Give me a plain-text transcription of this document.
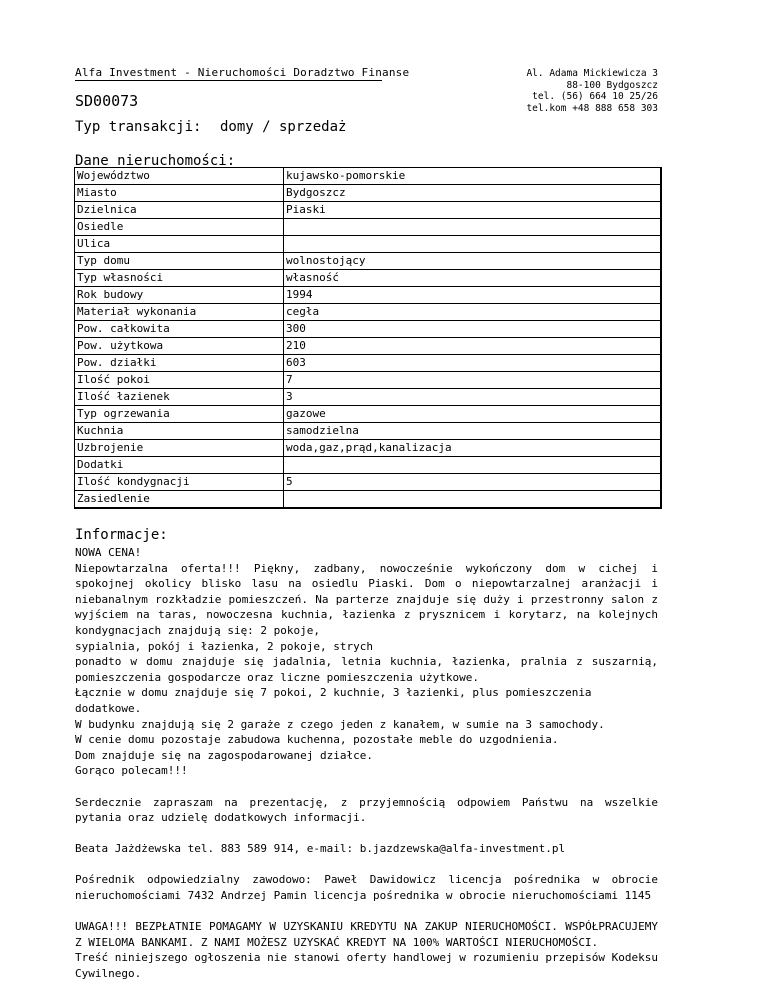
Alfa Investment - Nieruchomości Doradztwo Finanse	Al. Adama Mickiewicza 3
88-100 Bydgoszcz
tel. (56) 664 10 25/26
tel.kom +48 888 658 303
SD00073
Typ transakcji: domy / sprzedaż
Dane nieruchomości:
Województwo	kujawsko-pomorskie
Miasto	Bydgoszcz
Dzielnica	Piaski
Osiedle	
Ulica	
Typ domu	wolnostojący
Typ własności	własność
Rok budowy	1994
Materiał wykonania	cegła
Pow. całkowita	300
Pow. użytkowa	210
Pow. działki	603
Ilość pokoi	7
Ilość łazienek	3
Typ ogrzewania	gazowe
Kuchnia	samodzielna
Uzbrojenie	woda,gaz,prąd,kanalizacja
Dodatki	
Ilość kondygnacji	5
Zasiedlenie	
Informacje:

NOWA CENA!

Niepowtarzalna oferta!!! Piękny, zadbany, nowocześnie wykończony dom w cichej i spokojnej okolicy blisko lasu na osiedlu Piaski. Dom o niepowtarzalnej aranżacji i niebanalnym rozkładzie pomieszczeń. Na parterze znajduje się duży i przestronny salon z wyjściem na taras, nowoczesna kuchnia, łazienka z prysznicem i korytarz, na kolejnych kondygnacjach znajdują się: 2 pokoje,

sypialnia, pokój i łazienka, 2 pokoje, strych

ponadto w domu znajduje się jadalnia, letnia kuchnia, łazienka, pralnia z suszarnią, pomieszczenia gospodarcze oraz liczne pomieszczenia użytkowe.

Łącznie w domu znajduje się 7 pokoi, 2 kuchnie, 3 łazienki, plus pomieszczenia dodatkowe.

W budynku znajdują się 2 garaże z czego jeden z kanałem, w sumie na 3 samochody.

W cenie domu pozostaje zabudowa kuchenna, pozostałe meble do uzgodnienia.

Dom znajduje się na zagospodarowanej działce.

Gorąco polecam!!!

Serdecznie zapraszam na prezentację, z przyjemnością odpowiem Państwu na wszelkie pytania oraz udzielę dodatkowych informacji.

Beata Jażdżewska tel. 883 589 914, e-mail: b.jazdzewska@alfa-investment.pl

Pośrednik odpowiedzialny zawodowo: Paweł Dawidowicz licencja pośrednika w obrocie nieruchomościami 7432 Andrzej Pamin licencja pośrednika w obrocie nieruchomościami 1145

UWAGA!!! BEZPŁATNIE POMAGAMY W UZYSKANIU KREDYTU NA ZAKUP NIERUCHOMOŚCI. WSPÓŁPRACUJEMY Z WIELOMA BANKAMI. Z NAMI MOŻESZ UZYSKAĆ KREDYT NA 100% WARTOŚCI NIERUCHOMOŚCI.

Treść niniejszego ogłoszenia nie stanowi oferty handlowej w rozumieniu przepisów Kodeksu Cywilnego.
